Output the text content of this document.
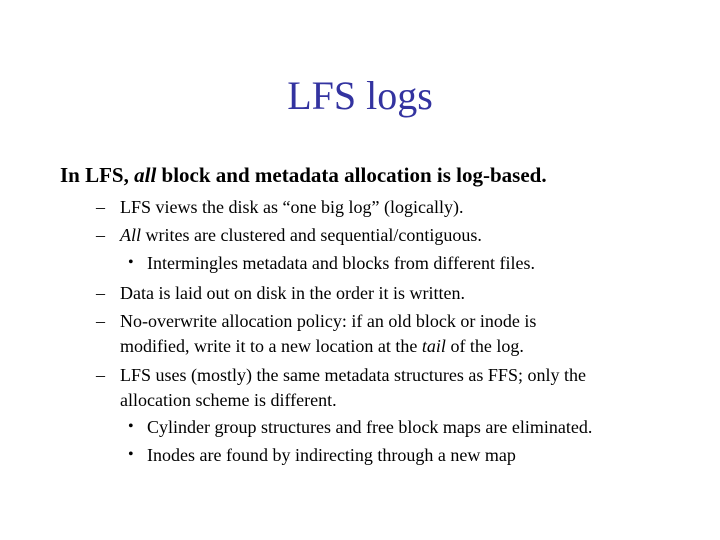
LFS logs
In LFS, all block and metadata allocation is log-based.
– LFS views the disk as “one big log” (logically).
– All writes are clustered and sequential/contiguous.
• Intermingles metadata and blocks from different files.
– Data is laid out on disk in the order it is written.
– No-overwrite allocation policy: if an old block or inode is
modified, write it to a new location at the tail of the log.
– LFS uses (mostly) the same metadata structures as FFS; only the
allocation scheme is different.
• Cylinder group structures and free block maps are eliminated.
• Inodes are found by indirecting through a new map
